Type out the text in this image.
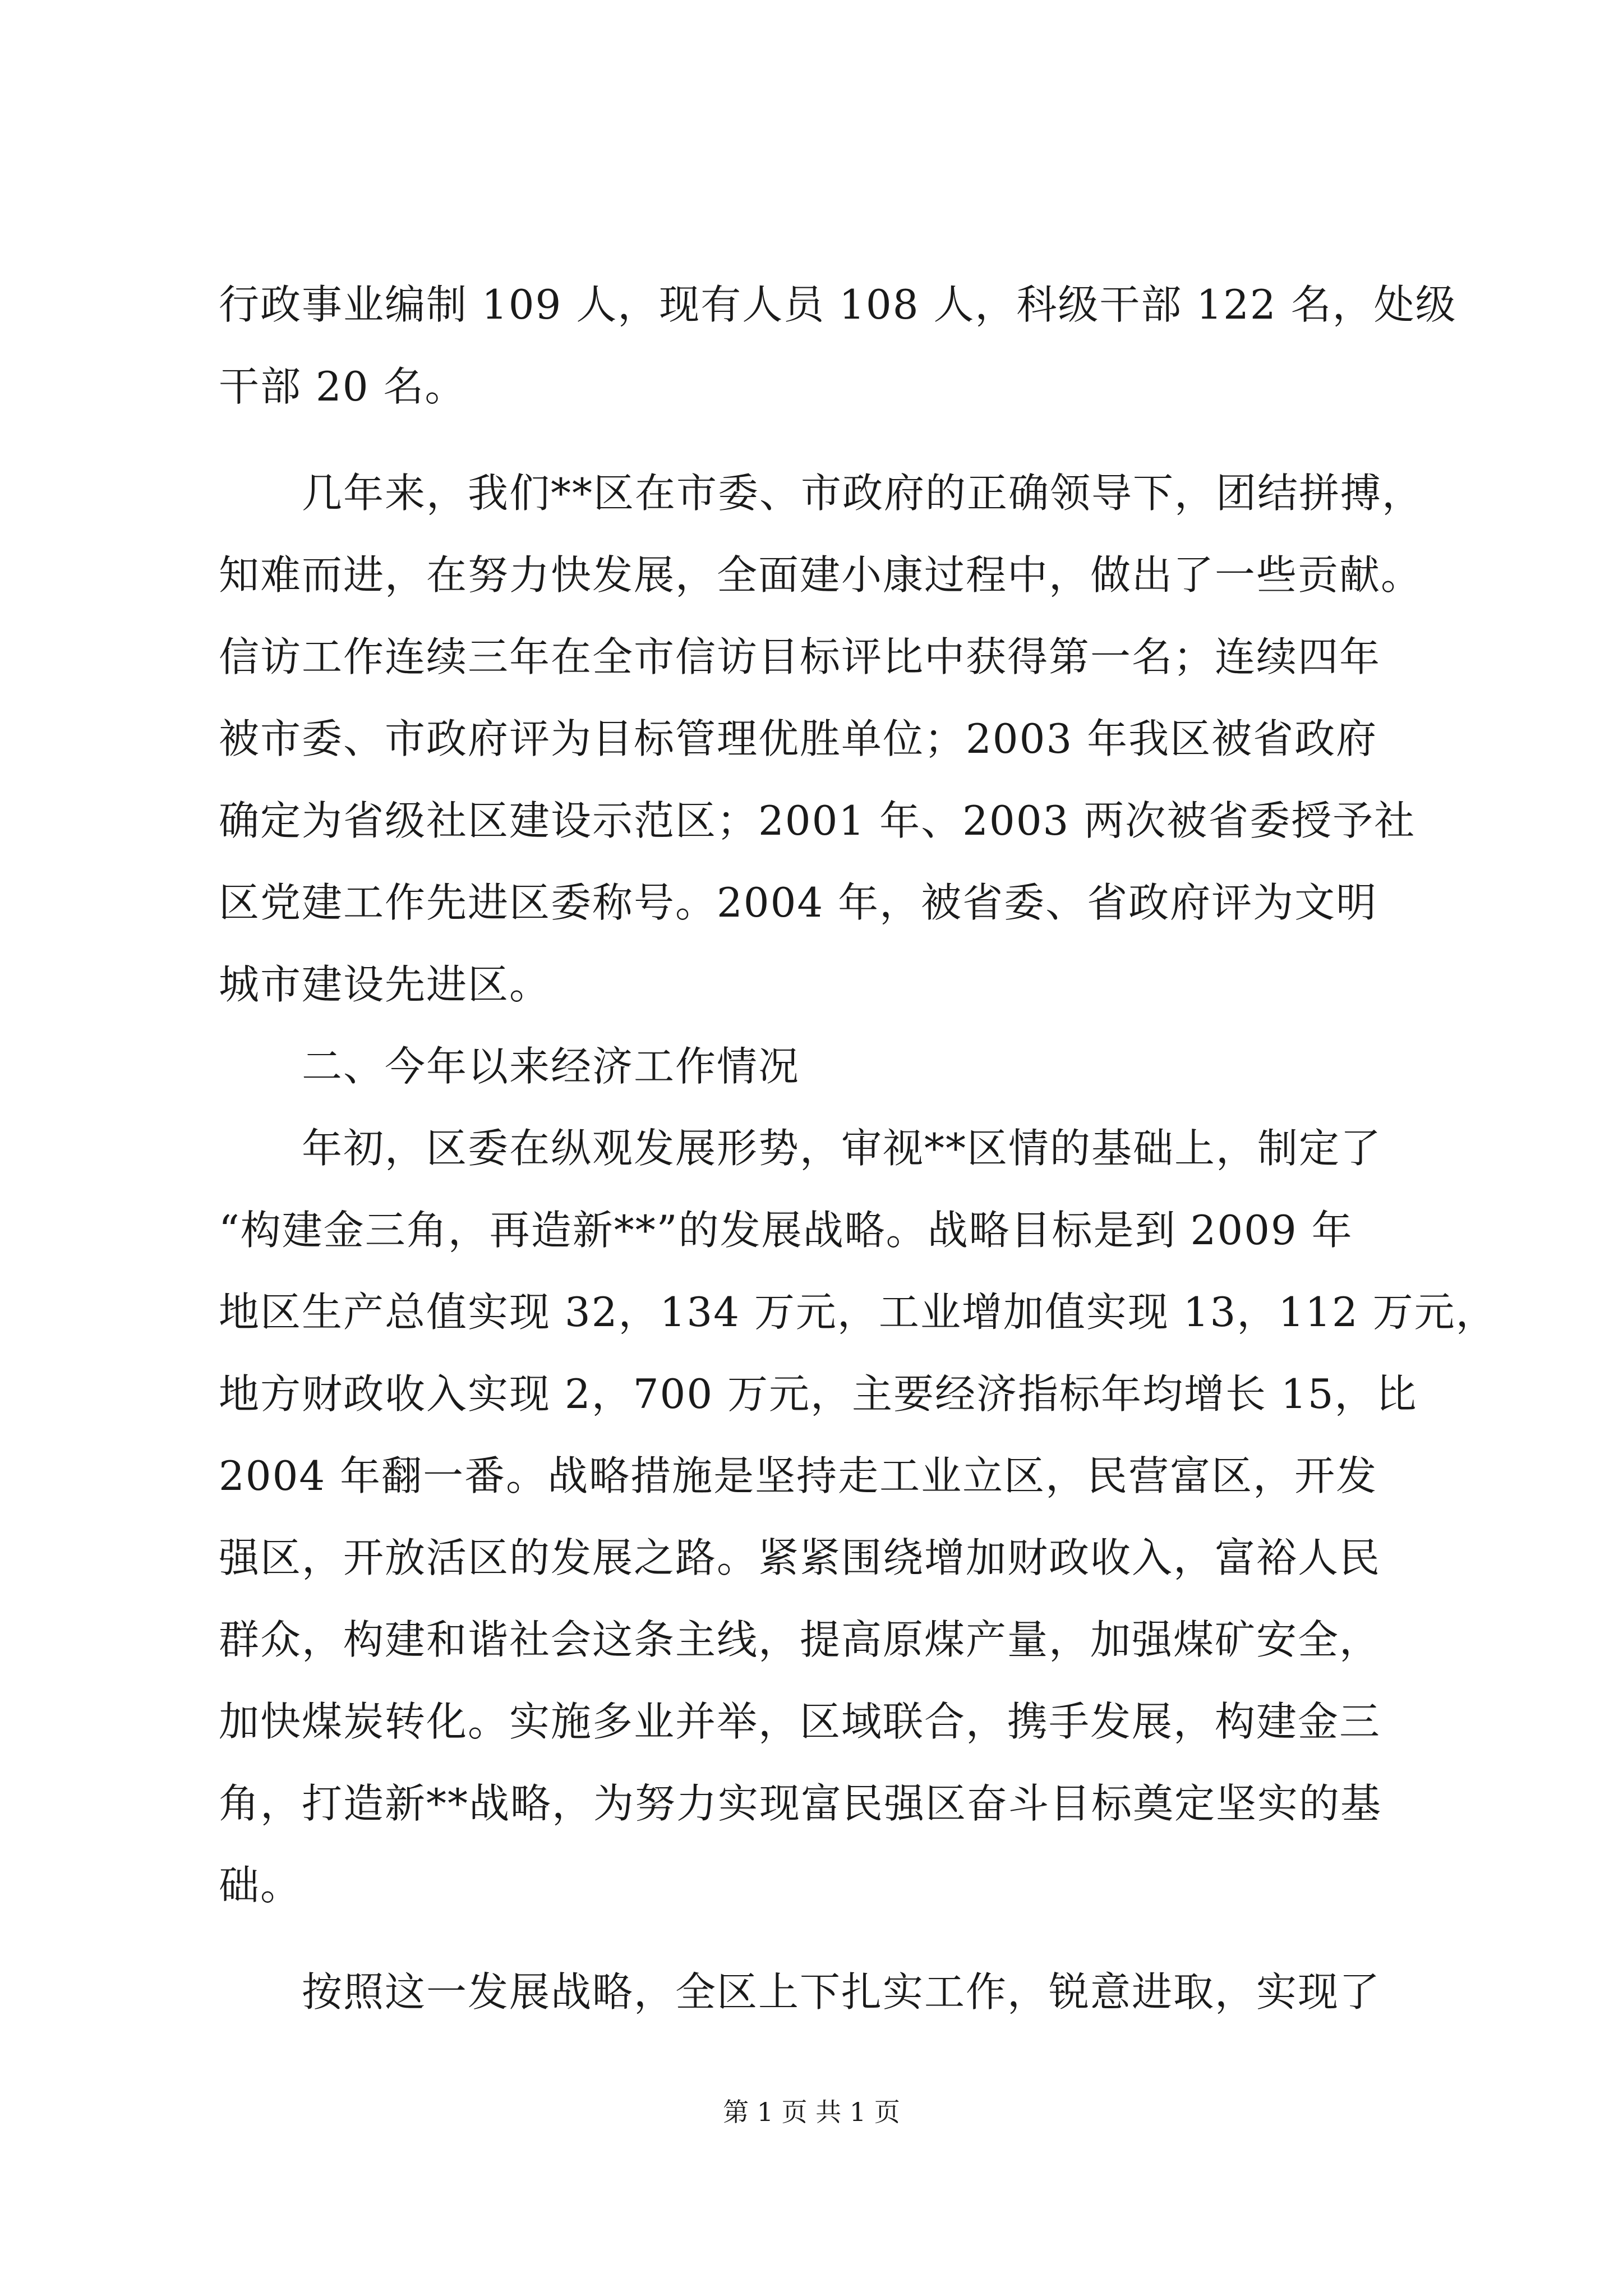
行政事业编制 109 人，现有人员 108 人，科级干部 122 名，处级
干部 20 名。
　　几年来，我们**区在市委、市政府的正确领导下，团结拼搏，
知难而进，在努力快发展，全面建小康过程中，做出了一些贡献。
信访工作连续三年在全市信访目标评比中获得第一名；连续四年
被市委、市政府评为目标管理优胜单位；2003 年我区被省政府
确定为省级社区建设示范区；2001 年、2003 两次被省委授予社
区党建工作先进区委称号。2004 年，被省委、省政府评为文明
城市建设先进区。
　　二、今年以来经济工作情况
　　年初，区委在纵观发展形势，审视**区情的基础上，制定了
“构建金三角，再造新**”的发展战略。战略目标是到 2009 年
地区生产总值实现 32，134 万元，工业增加值实现 13，112 万元，
地方财政收入实现 2，700 万元，主要经济指标年均增长 15，比
2004 年翻一番。战略措施是坚持走工业立区，民营富区，开发
强区，开放活区的发展之路。紧紧围绕增加财政收入，富裕人民
群众，构建和谐社会这条主线，提高原煤产量，加强煤矿安全，
加快煤炭转化。实施多业并举，区域联合，携手发展，构建金三
角，打造新**战略，为努力实现富民强区奋斗目标奠定坚实的基
础。
　　按照这一发展战略，全区上下扎实工作，锐意进取，实现了
第 1 页 共 1 页
